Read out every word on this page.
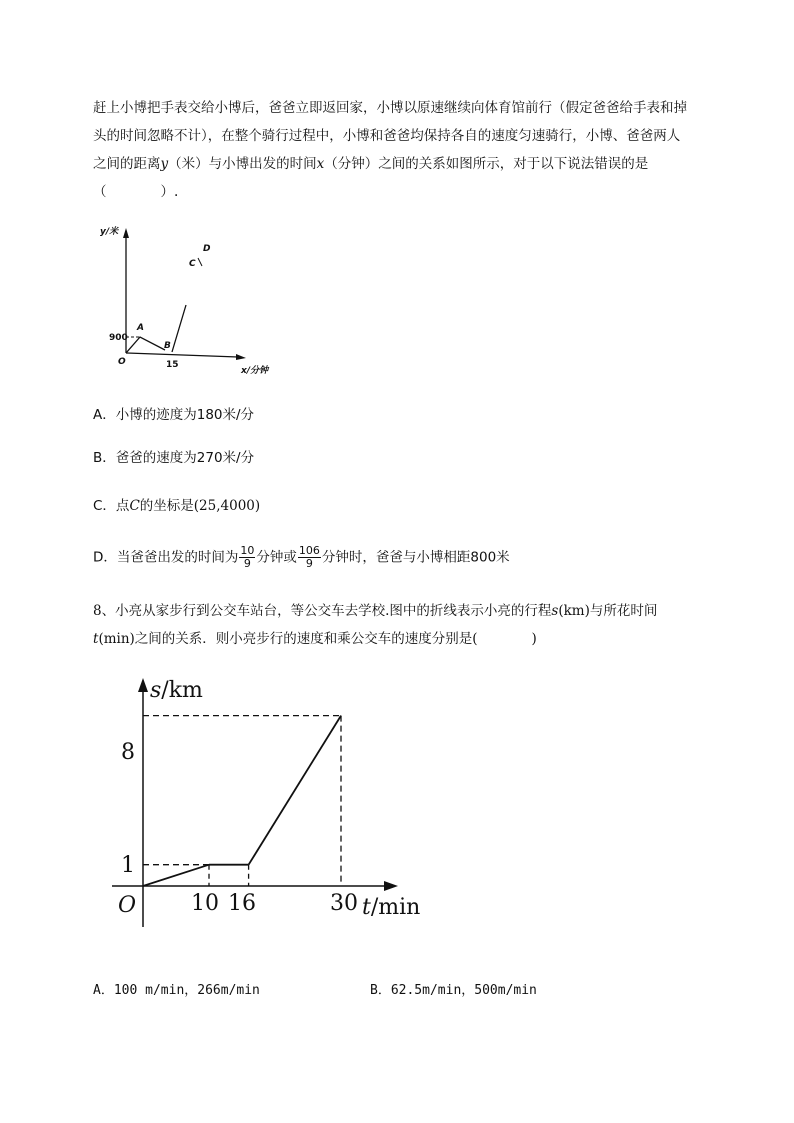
赶上小博把手表交给小博后，爸爸立即返回家，小博以原速继续向体育馆前行（假定爸爸给手表和掉

头的时间忽略不计），在整个骑行过程中，小博和爸爸均保持各自的速度匀速骑行，小博、爸爸两人

之间的距离y（米）与小博出发的时间x（分钟）之间的关系如图所示，对于以下说法错误的是

（　　　　）.

y/米
x/分钟
900
15
O
A
B
C
D
A．小博的迹度为180米/分
B．爸爸的速度为270米/分
C．点C的坐标是(25,4000)
D．当爸爸出发的时间为 $\frac{10}{9}$ 分钟或 $\frac{106}{9}$ 分钟时，爸爸与小博相距800米

8、小亮从家步行到公交车站台，等公交车去学校.图中的折线表示小亮的行程s(km)与所花时间

t(min)之间的关系．则小亮步行的速度和乘公交车的速度分别是(　　　　)

s/km
t/min
O
8
1
10 16	30
A．100 m/min，266m/min	B．62.5m/min，500m/min
